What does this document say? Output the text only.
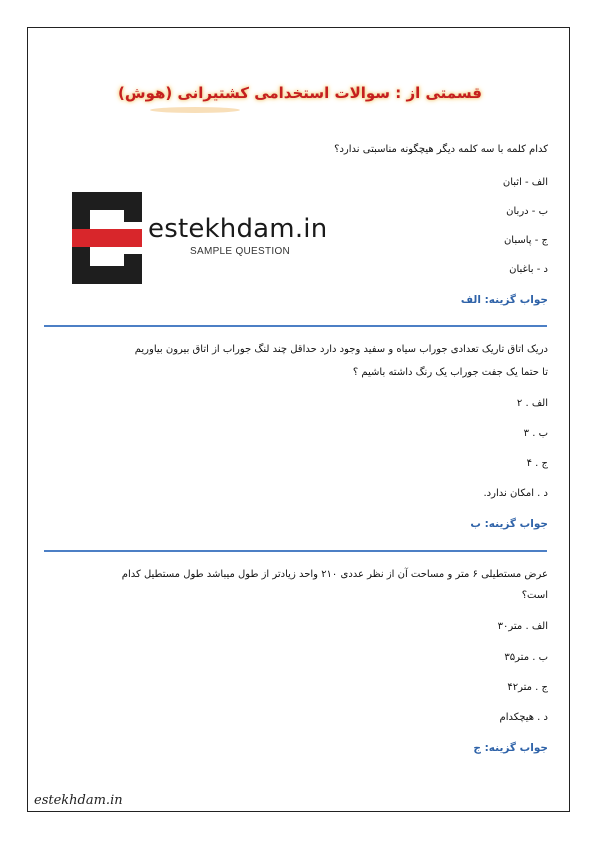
قسمتی از : سوالات استخدامی کشتیرانی (هوش)
کدام کلمه با سه کلمه دیگر هیچگونه مناسبتی ندارد؟
الف - اثبان
ب - دربان
ج - پاسبان
د - باغبان
جواب گزینه: الف
estekhdam.in
SAMPLE QUESTION
دریک اتاق تاریک تعدادی جوراب سیاه و سفید وجود دارد حداقل چند لنگ جوراب از اتاق بیرون بیاوریم
تا حتما یک جفت جوراب یک رنگ داشته باشیم ؟
الف . ۲
ب . ۳
ج . ۴
د . امکان ندارد.
جواب گزینه: ب
عرض مستطیلی ۶ متر و مساحت آن از نظر عددی ۲۱۰ واحد زیادتر از طول میباشد طول مستطیل کدام
است؟
الف . متر۳۰
ب . متر۳۵
ج . متر۴۲
د . هیچکدام
جواب گزینه: ج
estekhdam.in
